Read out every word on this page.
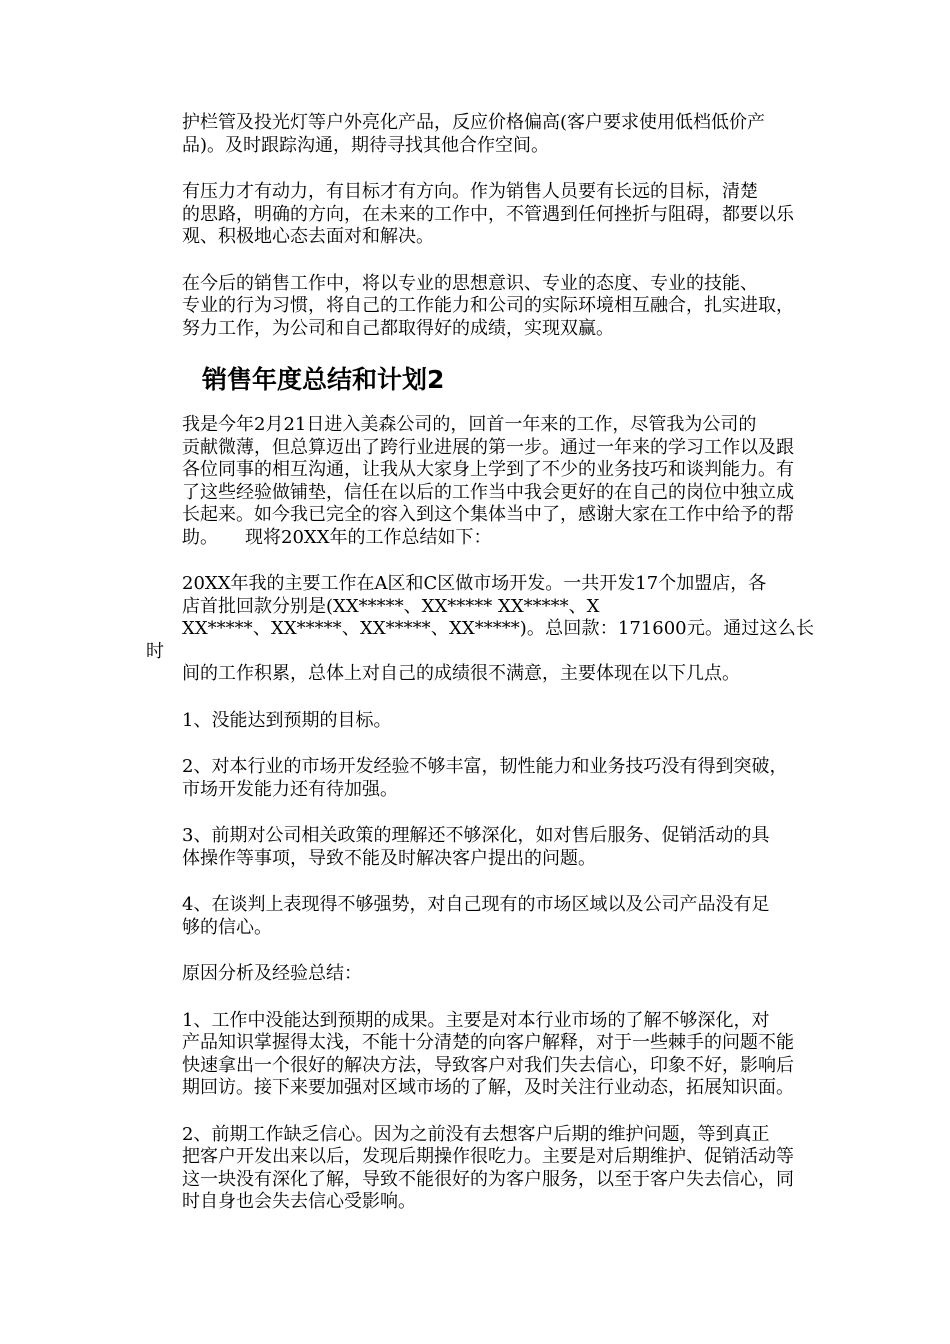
护栏管及投光灯等户外亮化产品，反应价格偏高(客户要求使用低档低价产
品)。及时跟踪沟通，期待寻找其他合作空间。

有压力才有动力，有目标才有方向。作为销售人员要有长远的目标，清楚
的思路，明确的方向，在未来的工作中，不管遇到任何挫折与阻碍，都要以乐
观、积极地心态去面对和解决。

在今后的销售工作中，将以专业的思想意识、专业的态度、专业的技能、
专业的行为习惯，将自己的工作能力和公司的实际环境相互融合，扎实进取，
努力工作，为公司和自己都取得好的成绩，实现双赢。

销售年度总结和计划2

我是今年2月21日进入美森公司的，回首一年来的工作，尽管我为公司的
贡献微薄，但总算迈出了跨行业进展的第一步。通过一年来的学习工作以及跟
各位同事的相互沟通，让我从大家身上学到了不少的业务技巧和谈判能力。有
了这些经验做铺垫，信任在以后的工作当中我会更好的在自己的岗位中独立成
长起来。如今我已完全的容入到这个集体当中了，感谢大家在工作中给予的帮
助。　　现将20XX年的工作总结如下：

20XX年我的主要工作在A区和C区做市场开发。一共开发17个加盟店，各
店首批回款分别是(XX*****、XX***** XX*****、X
XX*****、XX*****、XX*****、XX*****)。总回款：171600元。通过这么长时
间的工作积累，总体上对自己的成绩很不满意，主要体现在以下几点。

1、没能达到预期的目标。

2、对本行业的市场开发经验不够丰富，韧性能力和业务技巧没有得到突破，
市场开发能力还有待加强。

3、前期对公司相关政策的理解还不够深化，如对售后服务、促销活动的具
体操作等事项，导致不能及时解决客户提出的问题。

4、在谈判上表现得不够强势，对自己现有的市场区域以及公司产品没有足
够的信心。

原因分析及经验总结：

1、工作中没能达到预期的成果。主要是对本行业市场的了解不够深化，对
产品知识掌握得太浅，不能十分清楚的向客户解释，对于一些棘手的问题不能
快速拿出一个很好的解决方法，导致客户对我们失去信心，印象不好，影响后
期回访。接下来要加强对区域市场的了解，及时关注行业动态，拓展知识面。

2、前期工作缺乏信心。因为之前没有去想客户后期的维护问题，等到真正
把客户开发出来以后，发现后期操作很吃力。主要是对后期维护、促销活动等
这一块没有深化了解，导致不能很好的为客户服务，以至于客户失去信心，同
时自身也会失去信心受影响。
